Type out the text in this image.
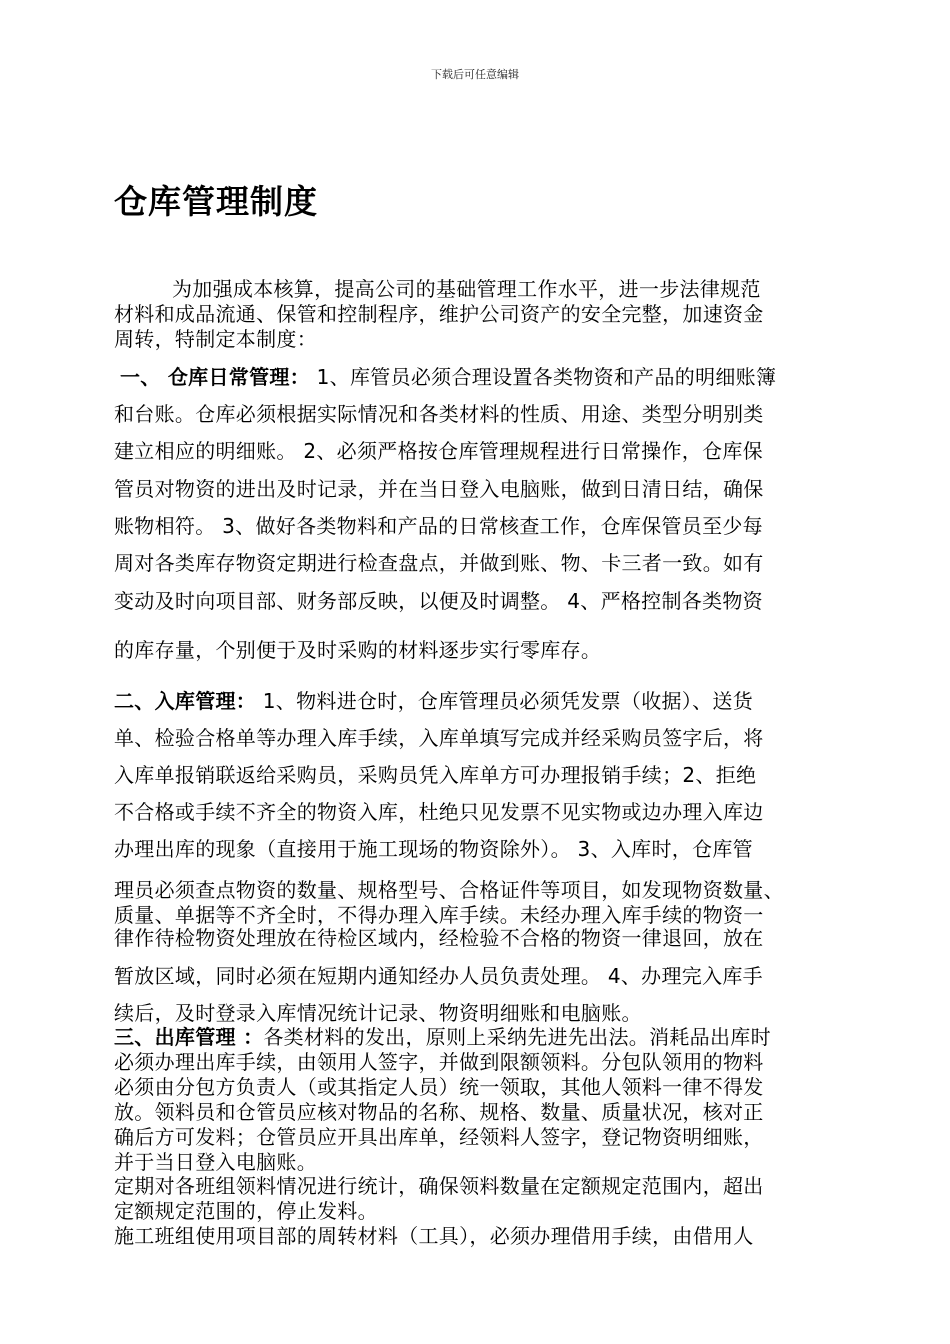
下载后可任意编辑
仓库管理制度
为加强成本核算，提高公司的基础管理工作水平，进一步法律规范
材料和成品流通、保管和控制程序，维护公司资产的安全完整，加速资金
周转，特制定本制度：
一、 仓库日常管理： 1、库管员必须合理设置各类物资和产品的明细账簿
和台账。仓库必须根据实际情况和各类材料的性质、用途、类型分明别类
建立相应的明细账。 2、必须严格按仓库管理规程进行日常操作，仓库保
管员对物资的进出及时记录，并在当日登入电脑账，做到日清日结，确保
账物相符。 3、做好各类物料和产品的日常核查工作，仓库保管员至少每
周对各类库存物资定期进行检查盘点，并做到账、物、卡三者一致。如有
变动及时向项目部、财务部反映，以便及时调整。 4、严格控制各类物资
的库存量，个别便于及时采购的材料逐步实行零库存。
二、入库管理： 1、物料进仓时，仓库管理员必须凭发票（收据）、送货
单、检验合格单等办理入库手续，入库单填写完成并经采购员签字后，将
入库单报销联返给采购员，采购员凭入库单方可办理报销手续；2、拒绝
不合格或手续不齐全的物资入库，杜绝只见发票不见实物或边办理入库边
办理出库的现象（直接用于施工现场的物资除外）。 3、入库时，仓库管
理员必须查点物资的数量、规格型号、合格证件等项目，如发现物资数量、
质量、单据等不齐全时，不得办理入库手续。未经办理入库手续的物资一
律作待检物资处理放在待检区域内，经检验不合格的物资一律退回，放在
暂放区域，同时必须在短期内通知经办人员负责处理。 4、办理完入库手
续后，及时登录入库情况统计记录、物资明细账和电脑账。
三、出库管理 ：各类材料的发出，原则上采纳先进先出法。消耗品出库时
必须办理出库手续，由领用人签字，并做到限额领料。分包队领用的物料
必须由分包方负责人（或其指定人员）统一领取，其他人领料一律不得发
放。领料员和仓管员应核对物品的名称、规格、数量、质量状况，核对正
确后方可发料；仓管员应开具出库单，经领料人签字，登记物资明细账，
并于当日登入电脑账。
定期对各班组领料情况进行统计，确保领料数量在定额规定范围内，超出
定额规定范围的，停止发料。
施工班组使用项目部的周转材料（工具），必须办理借用手续，由借用人
